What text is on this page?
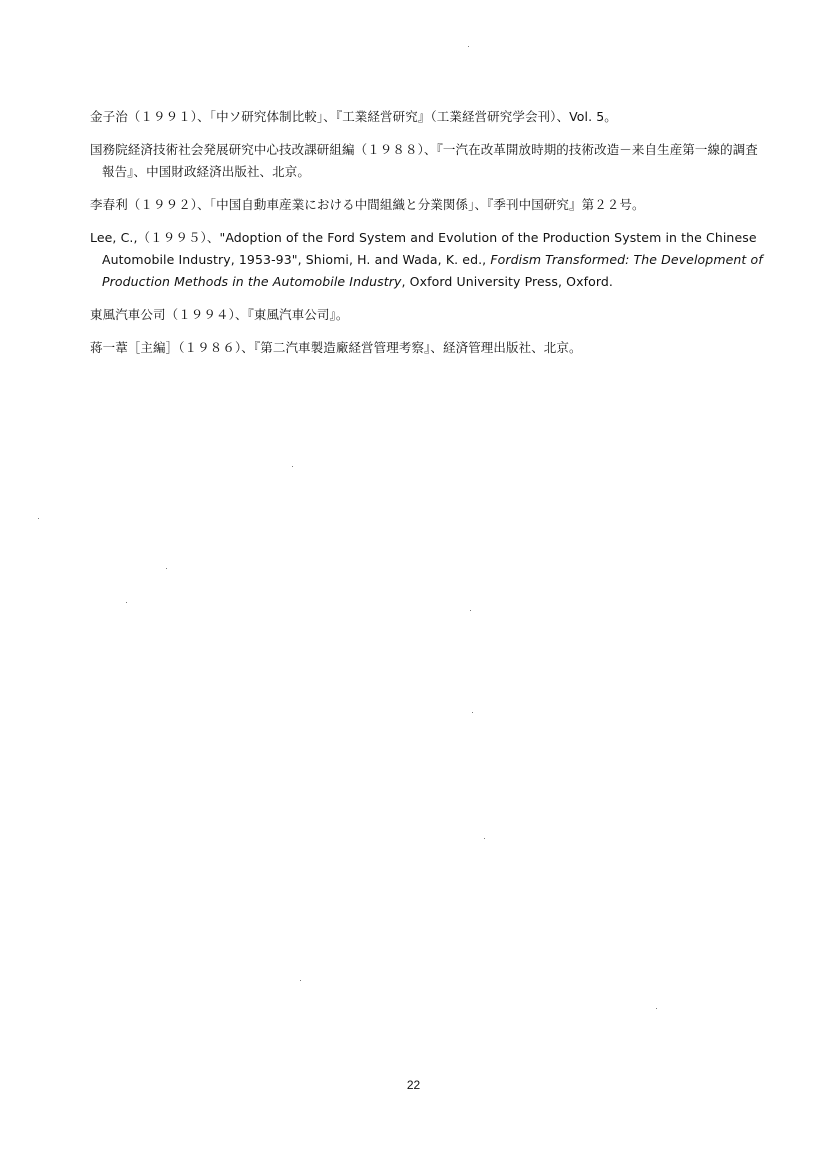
金子治（１９９１）、「中ソ研究体制比較」、『工業経営研究』（工業経営研究学会刊）、Vol. 5。
国務院経済技術社会発展研究中心技改課研組編（１９８８）、『一汽在改革開放時期的技術改造－来自生産第一線的調査報告』、中国財政経済出版社、北京。
李春利（１９９２）、「中国自動車産業における中間組織と分業関係」、『季刊中国研究』第２２号。
Lee, C.,（１９９５）、"Adoption of the Ford System and Evolution of the Production System in the Chinese Automobile Industry, 1953-93", Shiomi, H. and Wada, K. ed., Fordism Transformed: The Development of Production Methods in the Automobile Industry, Oxford University Press, Oxford.
東風汽車公司（１９９４）、『東風汽車公司』。
蒋一葦［主編］（１９８６）、『第二汽車製造廠経営管理考察』、経済管理出版社、北京。
22
